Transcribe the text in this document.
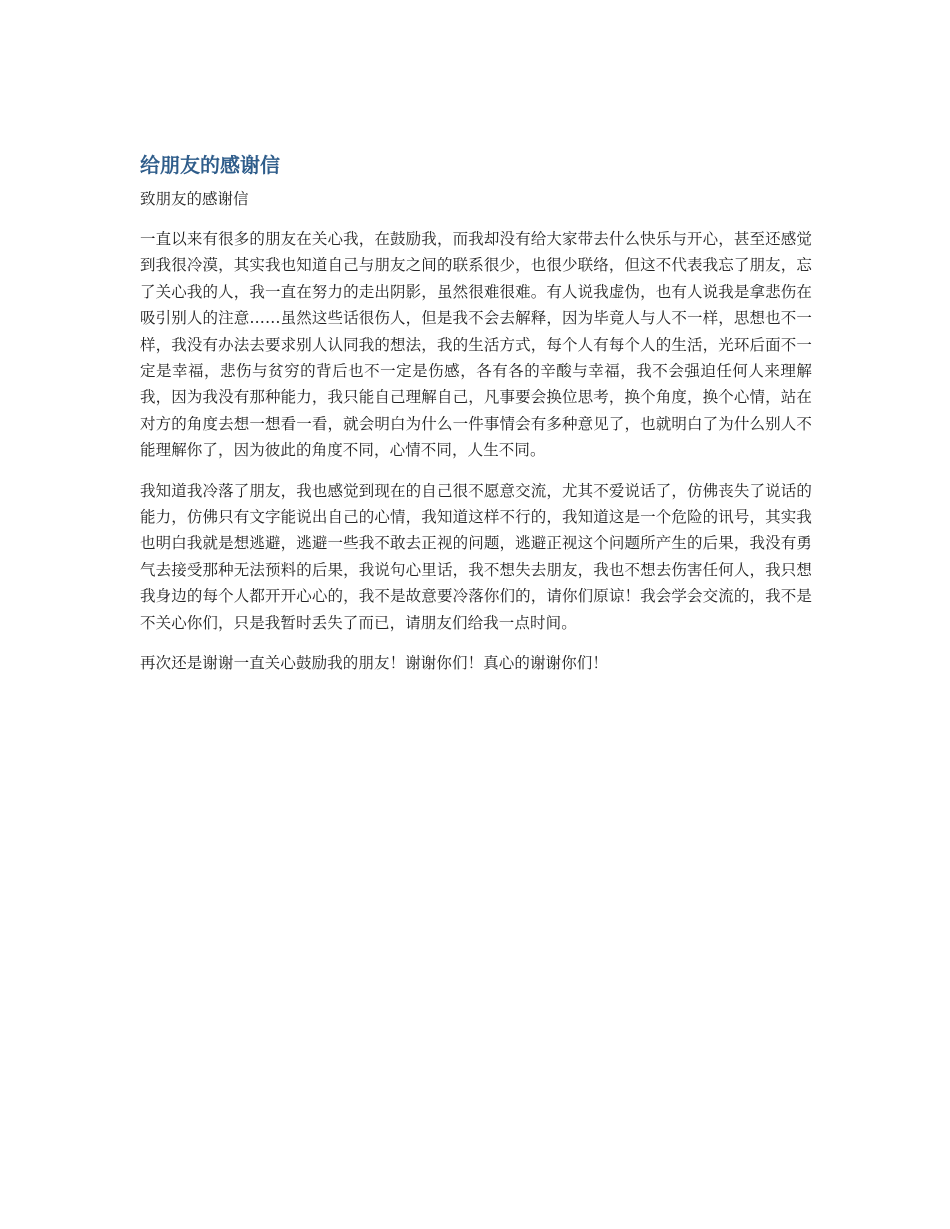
给朋友的感谢信
致朋友的感谢信

一直以来有很多的朋友在关心我，在鼓励我，而我却没有给大家带去什么快乐与开心，甚至还感觉到我很冷漠，其实我也知道自己与朋友之间的联系很少，也很少联络，但这不代表我忘了朋友，忘了关心我的人，我一直在努力的走出阴影，虽然很难很难。有人说我虚伪，也有人说我是拿悲伤在吸引别人的注意……虽然这些话很伤人，但是我不会去解释，因为毕竟人与人不一样，思想也不一样，我没有办法去要求别人认同我的想法，我的生活方式，每个人有每个人的生活，光环后面不一定是幸福，悲伤与贫穷的背后也不一定是伤感，各有各的辛酸与幸福，我不会强迫任何人来理解我，因为我没有那种能力，我只能自己理解自己，凡事要会换位思考，换个角度，换个心情，站在对方的角度去想一想看一看，就会明白为什么一件事情会有多种意见了，也就明白了为什么别人不能理解你了，因为彼此的角度不同，心情不同，人生不同。

我知道我冷落了朋友，我也感觉到现在的自己很不愿意交流，尤其不爱说话了，仿佛丧失了说话的能力，仿佛只有文字能说出自己的心情，我知道这样不行的，我知道这是一个危险的讯号，其实我也明白我就是想逃避，逃避一些我不敢去正视的问题，逃避正视这个问题所产生的后果，我没有勇气去接受那种无法预料的后果，我说句心里话，我不想失去朋友，我也不想去伤害任何人，我只想我身边的每个人都开开心心的，我不是故意要冷落你们的，请你们原谅！我会学会交流的，我不是不关心你们，只是我暂时丢失了而已，请朋友们给我一点时间。

再次还是谢谢一直关心鼓励我的朋友！谢谢你们！真心的谢谢你们！
